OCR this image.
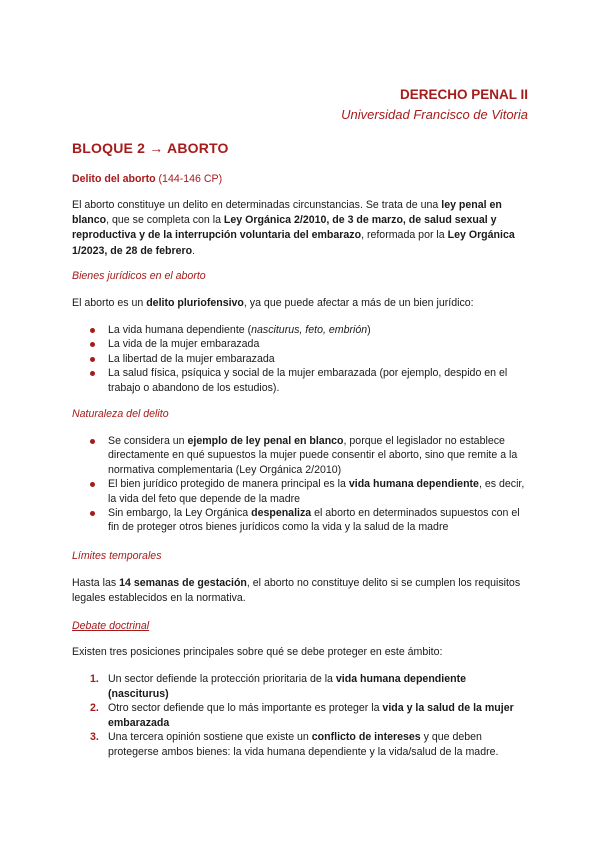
DERECHO PENAL II
Universidad Francisco de Vitoria
BLOQUE 2 → ABORTO
Delito del aborto (144-146 CP)
El aborto constituye un delito en determinadas circunstancias. Se trata de una ley penal en blanco, que se completa con la Ley Orgánica 2/2010, de 3 de marzo, de salud sexual y reproductiva y de la interrupción voluntaria del embarazo, reformada por la Ley Orgánica 1/2023, de 28 de febrero.
Bienes jurídicos en el aborto
El aborto es un delito pluriofensivo, ya que puede afectar a más de un bien jurídico:
La vida humana dependiente (nasciturus, feto, embrión)
La vida de la mujer embarazada
La libertad de la mujer embarazada
La salud física, psíquica y social de la mujer embarazada (por ejemplo, despido en el trabajo o abandono de los estudios).
Naturaleza del delito
Se considera un ejemplo de ley penal en blanco, porque el legislador no establece directamente en qué supuestos la mujer puede consentir el aborto, sino que remite a la normativa complementaria (Ley Orgánica 2/2010)
El bien jurídico protegido de manera principal es la vida humana dependiente, es decir, la vida del feto que depende de la madre
Sin embargo, la Ley Orgánica despenaliza el aborto en determinados supuestos con el fin de proteger otros bienes jurídicos como la vida y la salud de la madre
Límites temporales
Hasta las 14 semanas de gestación, el aborto no constituye delito si se cumplen los requisitos legales establecidos en la normativa.
Debate doctrinal
Existen tres posiciones principales sobre qué se debe proteger en este ámbito:
1. Un sector defiende la protección prioritaria de la vida humana dependiente (nasciturus)
2. Otro sector defiende que lo más importante es proteger la vida y la salud de la mujer embarazada
3. Una tercera opinión sostiene que existe un conflicto de intereses y que deben protegerse ambos bienes: la vida humana dependiente y la vida/salud de la madre.
